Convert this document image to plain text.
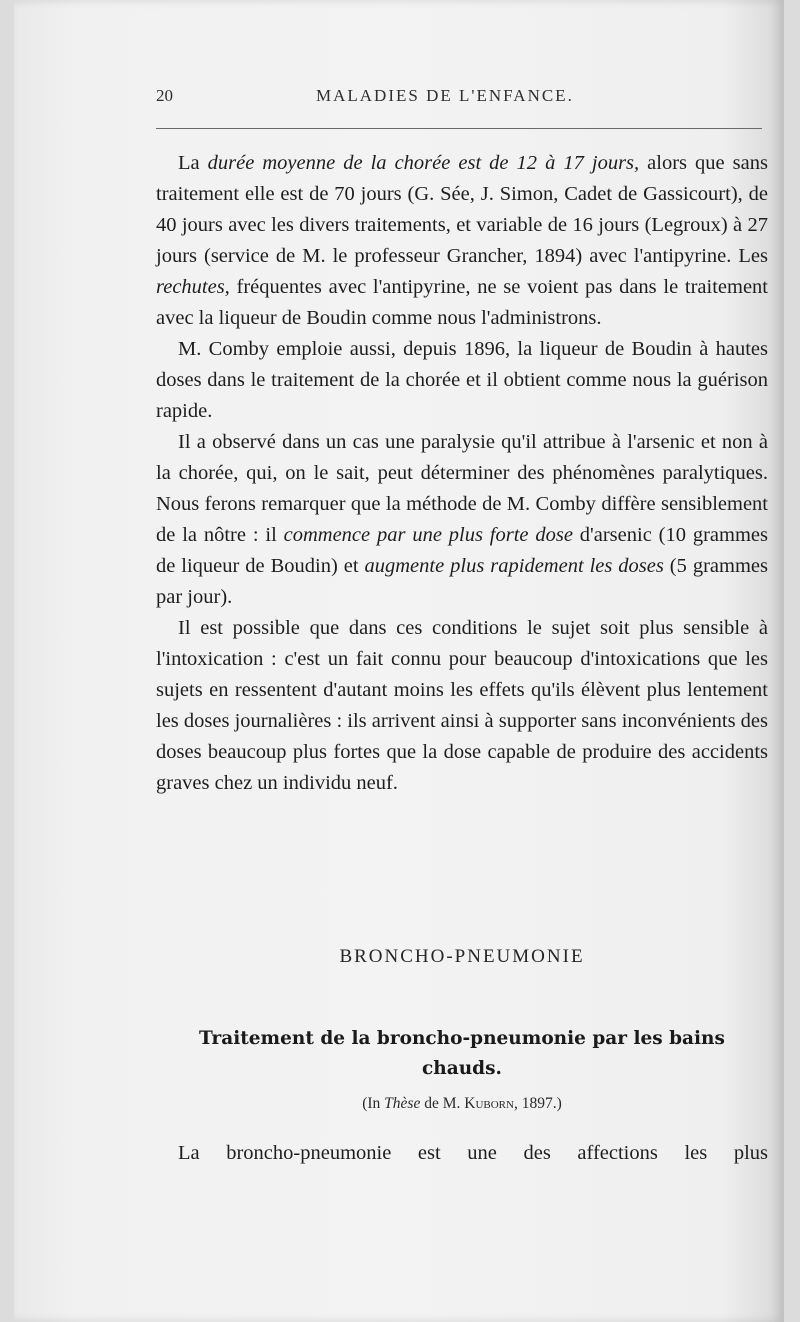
20	MALADIES DE L'ENFANCE.

La durée moyenne de la chorée est de 12 à 17 jours, alors que sans traitement elle est de 70 jours (G. Sée, J. Simon, Cadet de Gassicourt), de 40 jours avec les divers traitements, et variable de 16 jours (Legroux) à 27 jours (service de M. le professeur Grancher, 1894) avec l'antipyrine. Les rechutes, fréquentes avec l'antipyrine, ne se voient pas dans le traitement avec la liqueur de Boudin comme nous l'administrons.

M. Comby emploie aussi, depuis 1896, la liqueur de Boudin à hautes doses dans le traitement de la chorée et il obtient comme nous la guérison rapide.

Il a observé dans un cas une paralysie qu'il attribue à l'arsenic et non à la chorée, qui, on le sait, peut déterminer des phénomènes paralytiques. Nous ferons remarquer que la méthode de M. Comby diffère sensiblement de la nôtre : il commence par une plus forte dose d'arsenic (10 grammes de liqueur de Boudin) et augmente plus rapidement les doses (5 grammes par jour).

Il est possible que dans ces conditions le sujet soit plus sensible à l'intoxication : c'est un fait connu pour beaucoup d'intoxications que les sujets en ressentent d'autant moins les effets qu'ils élèvent plus lentement les doses journalières : ils arrivent ainsi à supporter sans inconvénients des doses beaucoup plus fortes que la dose capable de produire des accidents graves chez un individu neuf.

BRONCHO-PNEUMONIE
Traitement de la broncho-pneumonie par les bains chauds.
(In Thèse de M. Kuborn, 1897.)
La broncho-pneumonie est une des affections les plus
